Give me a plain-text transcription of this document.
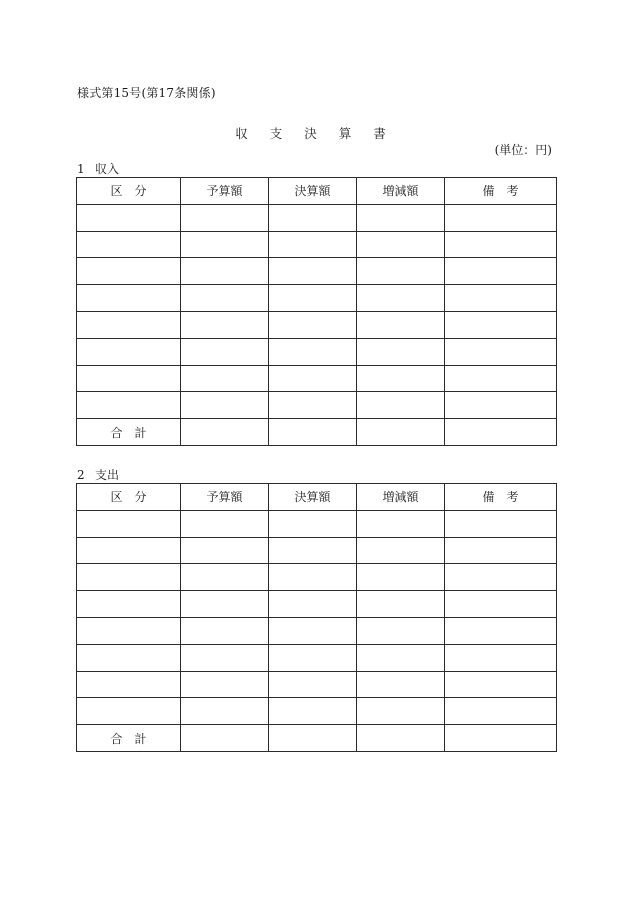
様式第15号(第17条関係)
収 支 決 算 書
(単位：円)
1 収入
区　分	予算額	決算額	増減額	備　考

合　計				
2 支出
区　分	予算額	決算額	増減額	備　考

合　計				
